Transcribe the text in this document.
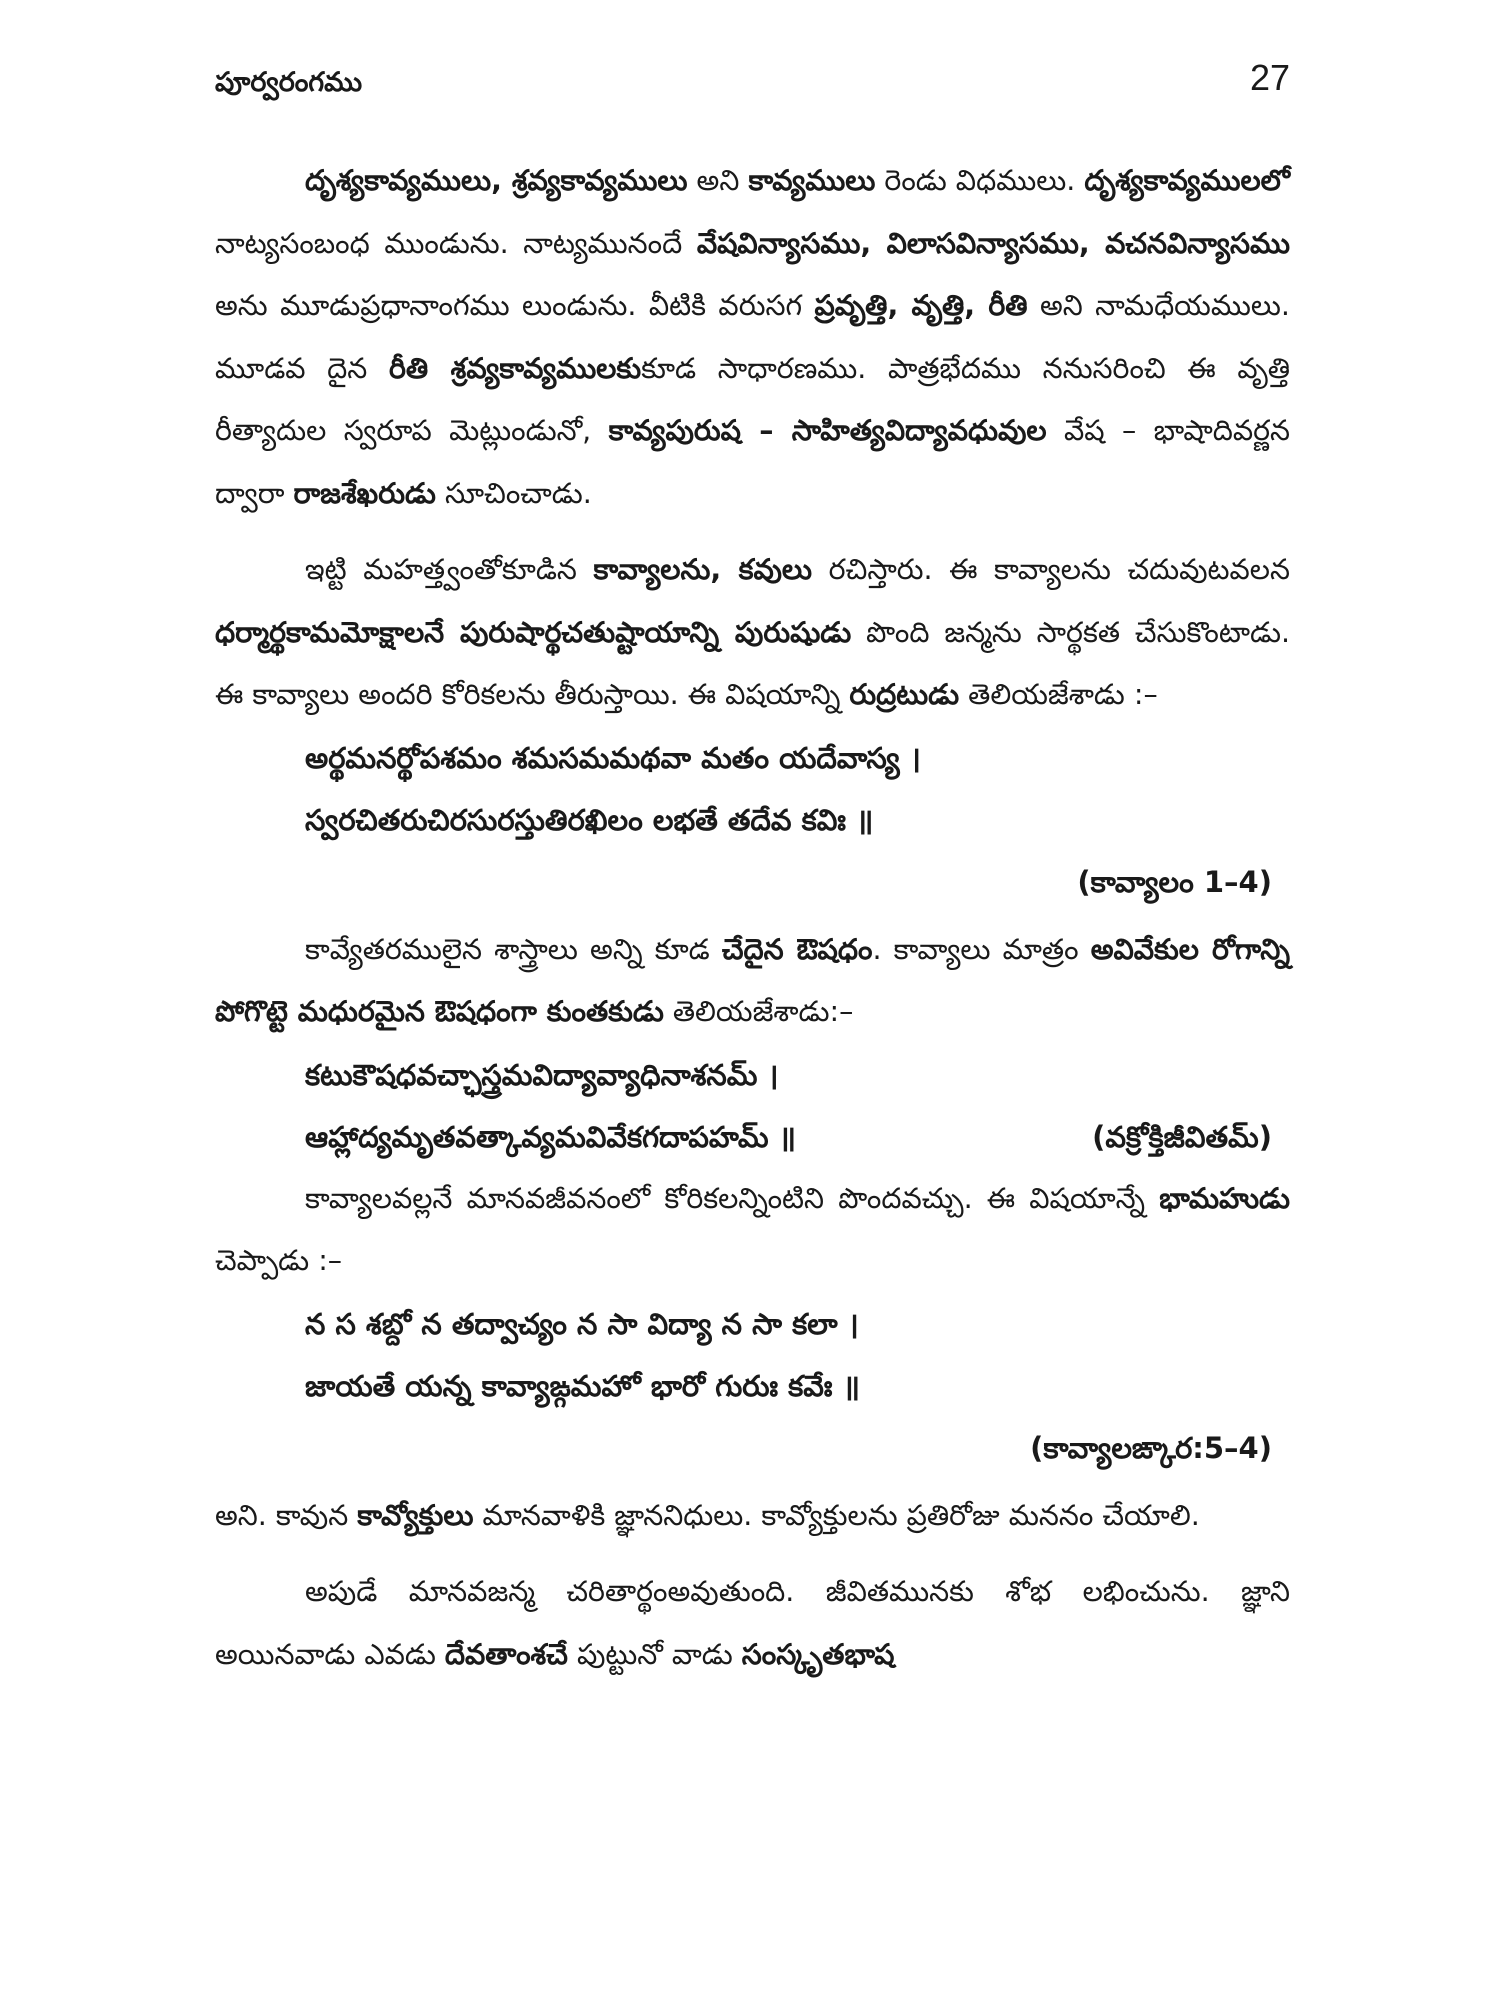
పూర్వరంగము	27

దృశ్యకావ్యములు, శ్రవ్యకావ్యములు అని కావ్యములు రెండు విధములు. దృశ్యకావ్యములలో నాట్యసంబంధ ముండును. నాట్యమునందే వేషవిన్యాసము, విలాసవిన్యాసము, వచనవిన్యాసము అను మూడుప్రధానాంగము లుండును. వీటికి వరుసగ ప్రవృత్తి, వృత్తి, రీతి అని నామధేయములు. మూడవ దైన రీతి శ్రవ్యకావ్యములకుకూడ సాధారణము. పాత్రభేదము ననుసరించి ఈ వృత్తి రీత్యాదుల స్వరూప మెట్లుండునో, కావ్యపురుష – సాహిత్యవిద్యావధువుల వేష – భాషాదివర్ణన ద్వారా రాజశేఖరుడు సూచించాడు.

ఇట్టి మహత్త్వంతోకూడిన కావ్యాలను, కవులు రచిస్తారు. ఈ కావ్యాలను చదువుటవలన ధర్మార్థకామమోక్షాలనే పురుషార్థచతుష్టాయాన్ని పురుషుడు పొంది జన్మను సార్థకత చేసుకొంటాడు. ఈ కావ్యాలు అందరి కోరికలను తీరుస్తాయి. ఈ విషయాన్ని రుద్రటుడు తెలియజేశాడు :–

అర్థమనర్థోపశమం శమసమమథవా మతం యదేవాస్య ।
స్వరచితరుచిరసురస్తుతిరఖిలం లభతే తదేవ కవిః ॥
(కావ్యాలం 1–4)

కావ్యేతరములైన శాస్త్రాలు అన్ని కూడ చేదైన ఔషధం. కావ్యాలు మాత్రం అవివేకుల రోగాన్ని పోగొట్టె మధురమైన ఔషధంగా కుంతకుడు తెలియజేశాడు:–

కటుకౌషధవచ్ఛాస్త్రమవిద్యావ్యాధినాశనమ్ ।
ఆహ్లాద్యమృతవత్కావ్యమవివేకగదాపహమ్ ॥	(వక్రోక్తిజీవితమ్)

కావ్యాలవల్లనే మానవజీవనంలో కోరికలన్నింటిని పొందవచ్చు. ఈ విషయాన్నే భామహుడు చెప్పాడు :–

న స శబ్దో న తద్వాచ్యం న సా విద్యా న సా కలా ।
జాయతే యన్న కావ్యాఙ్గమహో భారో గురుః కవేః ॥
(కావ్యాలఙ్కార:5–4)

అని. కావున కావ్యోక్తులు మానవాళికి జ్ఞాననిధులు. కావ్యోక్తులను ప్రతిరోజు మననం చేయాలి.

అపుడే మానవజన్మ చరితార్థంఅవుతుంది. జీవితమునకు శోభ లభించును. జ్ఞాని అయినవాడు ఎవడు దేవతాంశచే పుట్టునో వాడు సంస్కృతభాష
